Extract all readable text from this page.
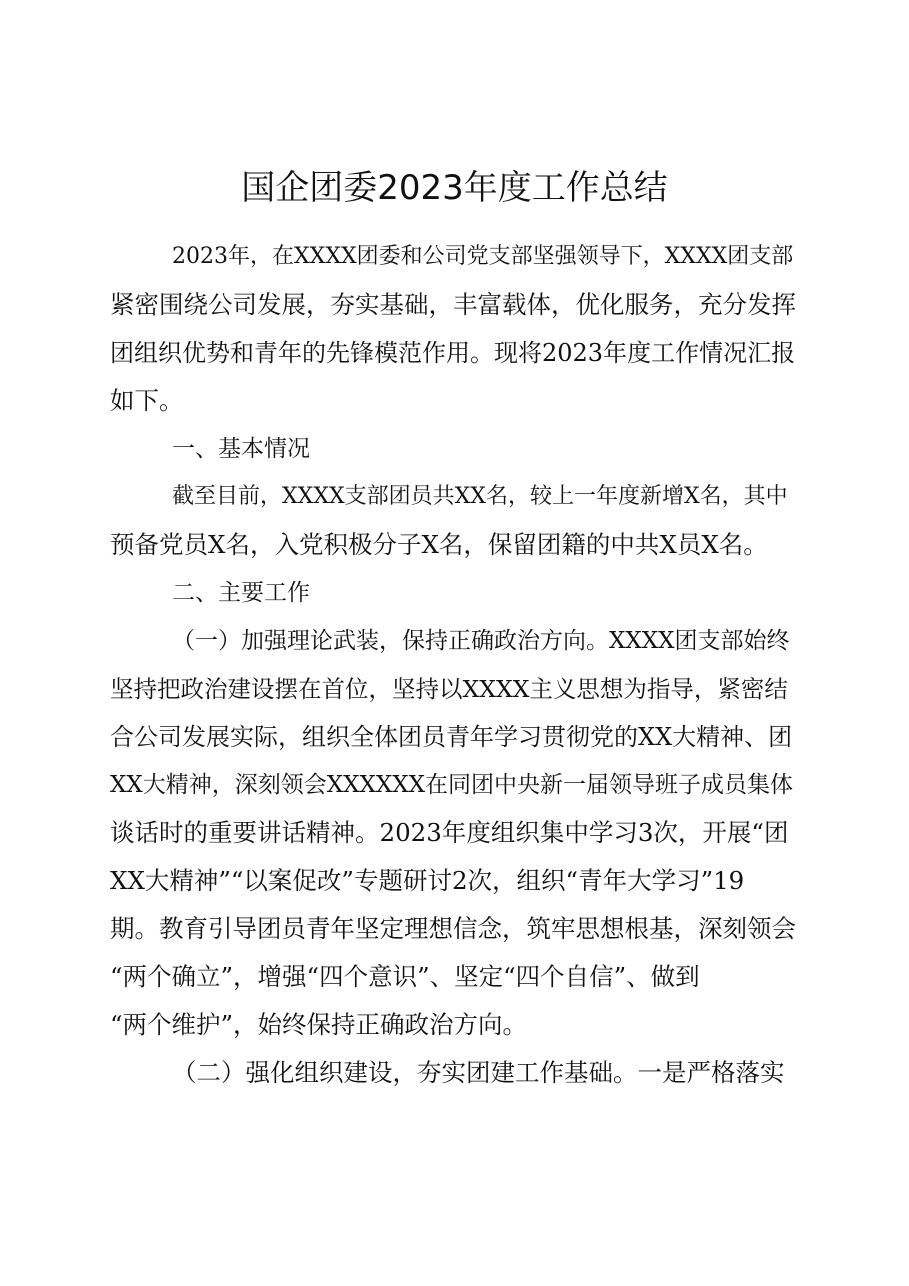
国企团委2023年度工作总结
2023年，在XXXX团委和公司党支部坚强领导下，XXXX团支部
紧密围绕公司发展，夯实基础，丰富载体，优化服务，充分发挥
团组织优势和青年的先锋模范作用。现将2023年度工作情况汇报
如下。
一、基本情况
截至目前，XXXX支部团员共XX名，较上一年度新增X名，其中
预备党员X名，入党积极分子X名，保留团籍的中共X员X名。
二、主要工作
（一）加强理论武装，保持正确政治方向。XXXX团支部始终
坚持把政治建设摆在首位，坚持以XXXX主义思想为指导，紧密结
合公司发展实际，组织全体团员青年学习贯彻党的XX大精神、团
XX大精神，深刻领会XXXXXX在同团中央新一届领导班子成员集体
谈话时的重要讲话精神。2023年度组织集中学习3次，开展“团
XX大精神”“以案促改”专题研讨2次，组织“青年大学习”19
期。教育引导团员青年坚定理想信念，筑牢思想根基，深刻领会
“两个确立”，增强“四个意识”、坚定“四个自信”、做到
“两个维护”，始终保持正确政治方向。
（二）强化组织建设，夯实团建工作基础。一是严格落实
